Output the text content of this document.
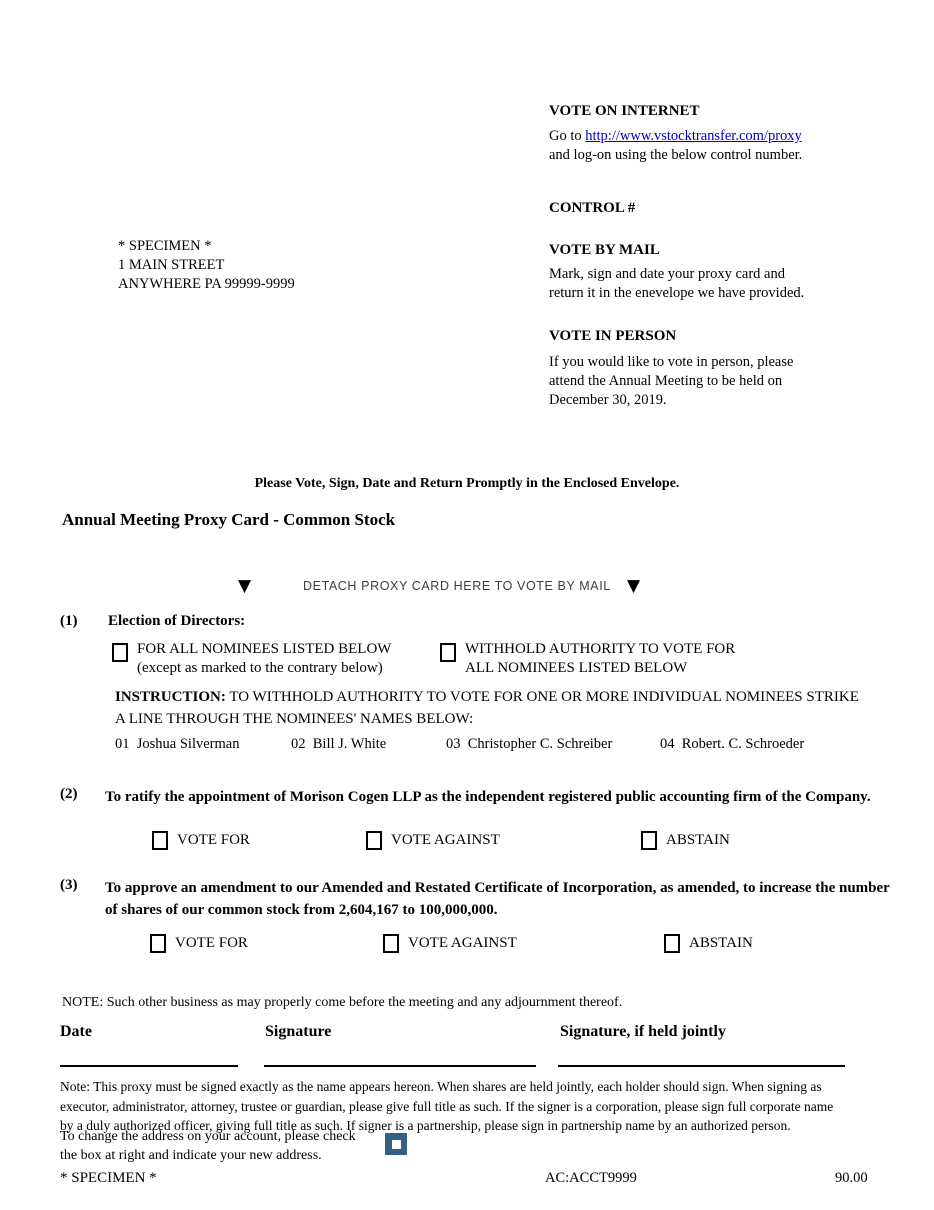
VOTE ON INTERNET
Go to http://www.vstocktransfer.com/proxy
and log-on using the below control number.
CONTROL #
VOTE BY MAIL
Mark, sign and date your proxy card and
return it in the enevelope we have provided.
VOTE IN PERSON
If you would like to vote in person, please
attend the Annual Meeting to be held on
December 30, 2019.
* SPECIMEN *
1 MAIN STREET
ANYWHERE PA 99999-9999
Please Vote, Sign, Date and Return Promptly in the Enclosed Envelope.
Annual Meeting Proxy Card - Common Stock
▼	DETACH PROXY CARD HERE TO VOTE BY MAIL ▼
(1) Election of Directors:
FOR ALL NOMINEES LISTED BELOW
(except as marked to the contrary below)
WITHHOLD AUTHORITY TO VOTE FOR
ALL NOMINEES LISTED BELOW

INSTRUCTION: TO WITHHOLD AUTHORITY TO VOTE FOR ONE OR MORE INDIVIDUAL NOMINEES STRIKE
A LINE THROUGH THE NOMINEES' NAMES BELOW:

01 Joshua Silverman	02 Bill J. White	03 Christopher C. Schreiber	04 Robert. C. Schroeder
(2) To ratify the appointment of Morison Cogen LLP as the independent registered public accounting firm of the Company.

VOTE FOR	VOTE AGAINST	ABSTAIN
(3) To approve an amendment to our Amended and Restated Certificate of Incorporation, as amended, to increase the number
of shares of our common stock from 2,604,167 to 100,000,000.

VOTE FOR	VOTE AGAINST	ABSTAIN

NOTE: Such other business as may properly come before the meeting and any adjournment thereof.

Date	Signature	Signature, if held jointly
Note: This proxy must be signed exactly as the name appears hereon. When shares are held jointly, each holder should sign. When signing as
executor, administrator, attorney, trustee or guardian, please give full title as such. If the signer is a corporation, please sign full corporate name
by a duly authorized officer, giving full title as such. If signer is a partnership, please sign in partnership name by an authorized person.
To change the address on your account, please check
the box at right and indicate your new address.
* SPECIMEN *	AC:ACCT9999	90.00
